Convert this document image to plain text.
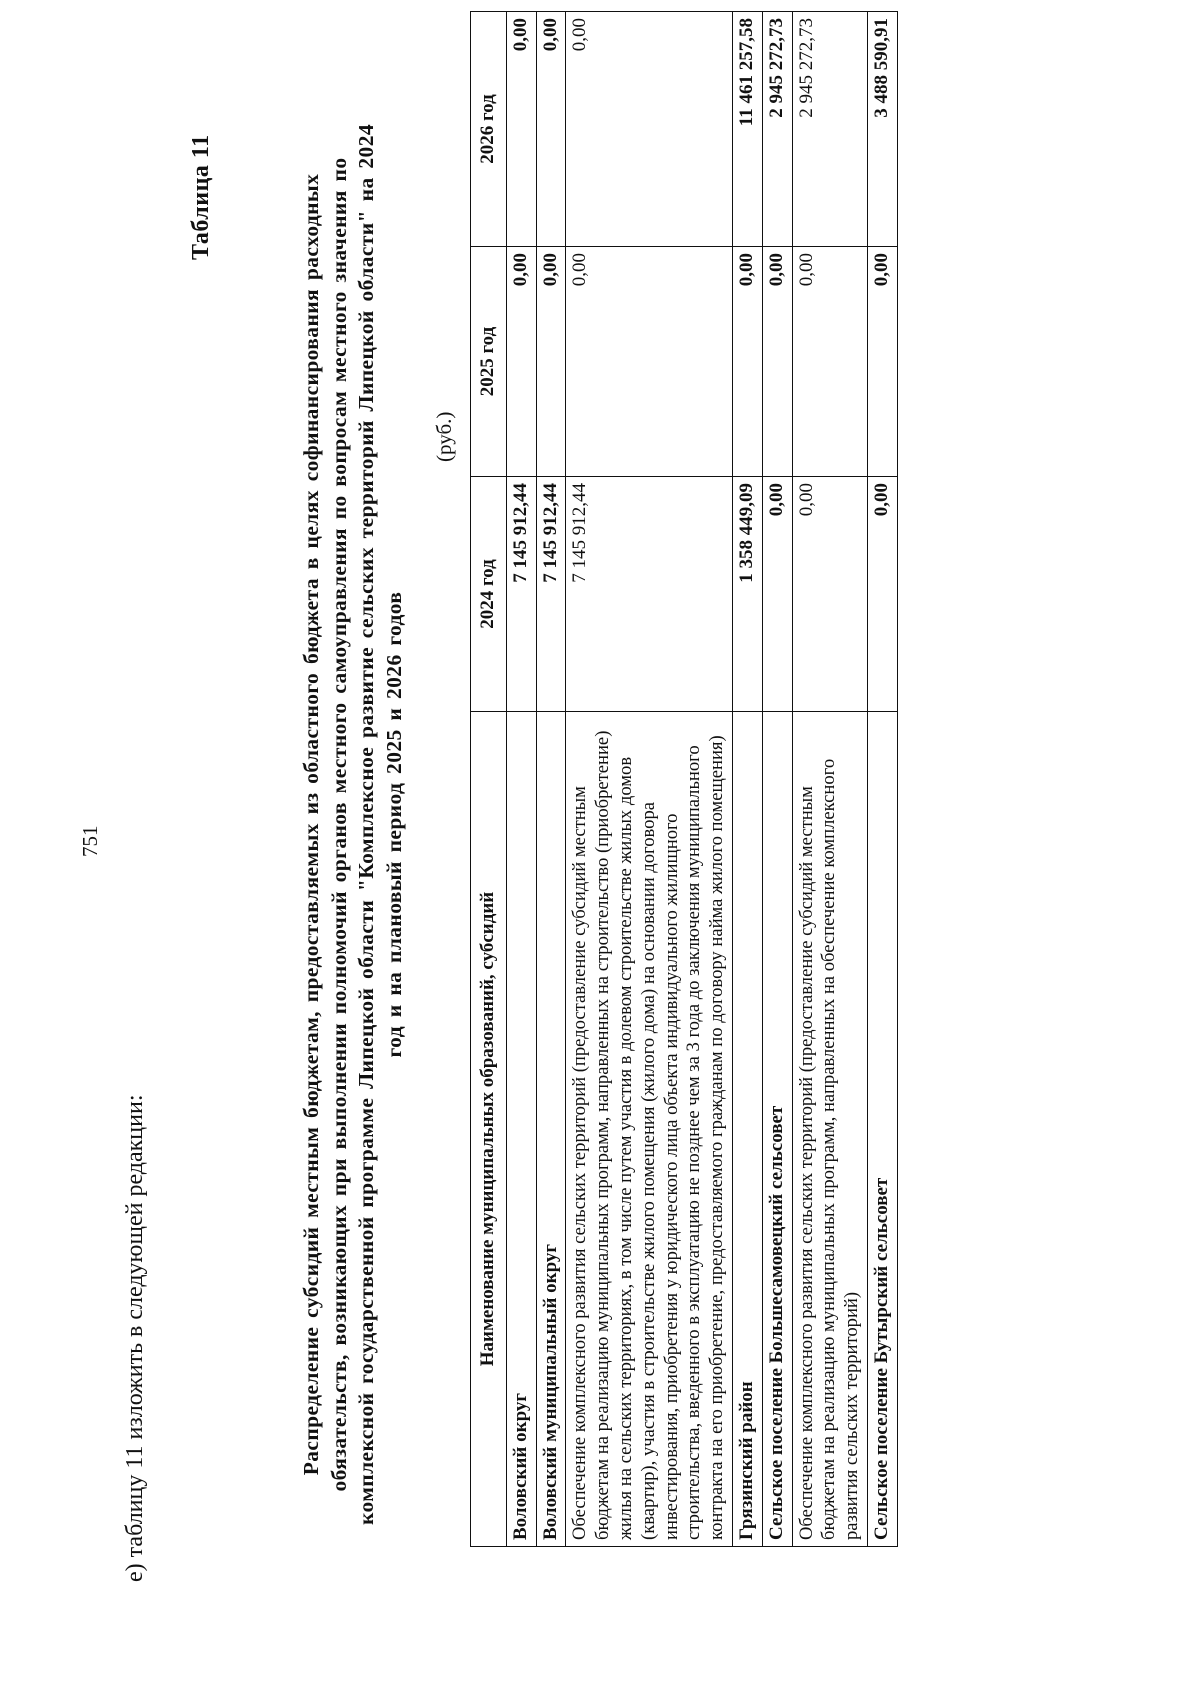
751
е) таблицу 11 изложить в следующей редакции:
Таблица 11	Распределение субсидий местным бюджетам, предоставляемых из областного бюджета в целях софинансирования расходных обязательств, возникающих при выполнении полномочий органов местного самоуправления по вопросам местного значения по комплексной государственной программе Липецкой области "Комплексное развитие сельских территорий Липецкой области" на 2024 год и на плановый период 2025 и 2026 годов
(руб.)
Наименование муниципальных образований, субсидий	2024 год	2025 год	2026 год
Воловский округ	7 145 912,44	0,00	0,00
Воловский муниципальный округ	7 145 912,44	0,00	0,00
Обеспечение комплексного развития сельских территорий (предоставление субсидий местным бюджетам на реализацию муниципальных программ, направленных на строительство (приобретение) жилья на сельских территориях, в том числе путем участия в долевом строительстве жилых домов (квартир), участия в строительстве жилого помещения (жилого дома) на основании договора инвестирования, приобретения у юридического лица объекта индивидуального жилищного строительства, введенного в эксплуатацию не позднее чем за 3 года до заключения муниципального контракта на его приобретение, предоставляемого гражданам по договору найма жилого помещения)	7 145 912,44	0,00	0,00
Грязинский район	1 358 449,09	0,00	11 461 257,58
Сельское поселение Большесамовецкий сельсовет	0,00	0,00	2 945 272,73
Обеспечение комплексного развития сельских территорий (предоставление субсидий местным бюджетам на реализацию муниципальных программ, направленных на обеспечение комплексного развития сельских территорий)	0,00	0,00	2 945 272,73
Сельское поселение Бутырский сельсовет	0,00	0,00	3 488 590,91
